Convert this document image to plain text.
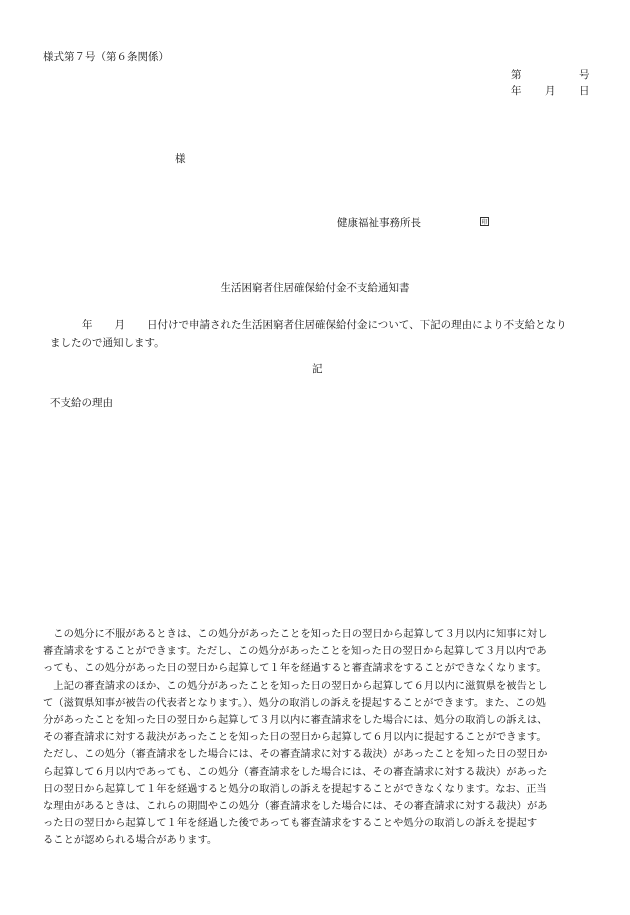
様式第７号（第６条関係）
第	号
年 月 日
様
健康福祉事務所長	印
生活困窮者住居確保給付金不支給通知書
年 月 日付けで申請された生活困窮者住居確保給付金について、下記の理由により不支給となり
ましたので通知します。
記
不支給の理由

　この処分に不服があるときは、この処分があったことを知った日の翌日から起算して３月以内に知事に対し

審査請求をすることができます。ただし、この処分があったことを知った日の翌日から起算して３月以内であ

っても、この処分があった日の翌日から起算して１年を経過すると審査請求をすることができなくなります。

　上記の審査請求のほか、この処分があったことを知った日の翌日から起算して６月以内に滋賀県を被告とし

て（滋賀県知事が被告の代表者となります。）、処分の取消しの訴えを提起することができます。また、この処

分があったことを知った日の翌日から起算して３月以内に審査請求をした場合には、処分の取消しの訴えは、

その審査請求に対する裁決があったことを知った日の翌日から起算して６月以内に提起することができます。

ただし、この処分（審査請求をした場合には、その審査請求に対する裁決）があったことを知った日の翌日か

ら起算して６月以内であっても、この処分（審査請求をした場合には、その審査請求に対する裁決）があった

日の翌日から起算して１年を経過すると処分の取消しの訴えを提起することができなくなります。なお、正当

な理由があるときは、これらの期間やこの処分（審査請求をした場合には、その審査請求に対する裁決）があ

った日の翌日から起算して１年を経過した後であっても審査請求をすることや処分の取消しの訴えを提起す

ることが認められる場合があります。
